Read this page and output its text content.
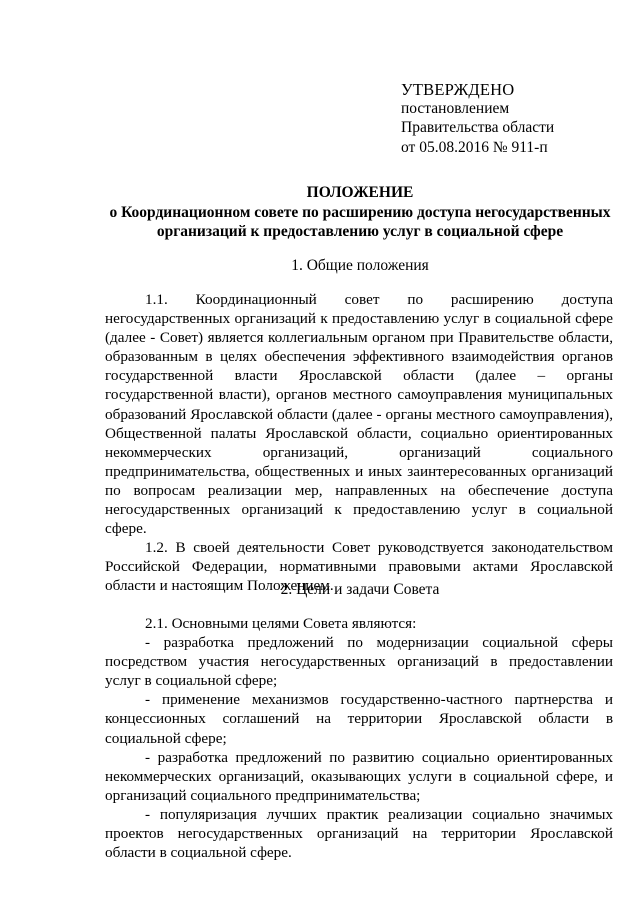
УТВЕРЖДЕНО
постановлением
Правительства области
от 05.08.2016 № 911-п
ПОЛОЖЕНИЕ
о Координационном совете по расширению доступа негосударственных
организаций к предоставлению услуг в социальной сфере
1. Общие положения

1.1. Координационный совет по расширению доступа негосударственных организаций к предоставлению услуг в социальной сфере (далее - Совет) является коллегиальным органом при Правительстве области, образованным в целях обеспечения эффективного взаимодействия органов государственной власти Ярославской области (далее – органы государственной власти), органов местного самоуправления муниципальных образований Ярославской области (далее - органы местного самоуправления), Общественной палаты Ярославской области, социально ориентированных некоммерческих организаций, организаций социального предпринимательства, общественных и иных заинтересованных организаций по вопросам реализации мер, направленных на обеспечение доступа негосударственных организаций к предоставлению услуг в социальной сфере.

1.2. В своей деятельности Совет руководствуется законодательством Российской Федерации, нормативными правовыми актами Ярославской области и настоящим Положением.

2. Цели и задачи Совета

2.1. Основными целями Совета являются:

- разработка предложений по модернизации социальной сферы посредством участия негосударственных организаций в предоставлении услуг в социальной сфере;

- применение механизмов государственно-частного партнерства и концессионных соглашений на территории Ярославской области в социальной сфере;

- разработка предложений по развитию социально ориентированных некоммерческих организаций, оказывающих услуги в социальной сфере, и организаций социального предпринимательства;

- популяризация лучших практик реализации социально значимых проектов негосударственных организаций на территории Ярославской области в социальной сфере.
